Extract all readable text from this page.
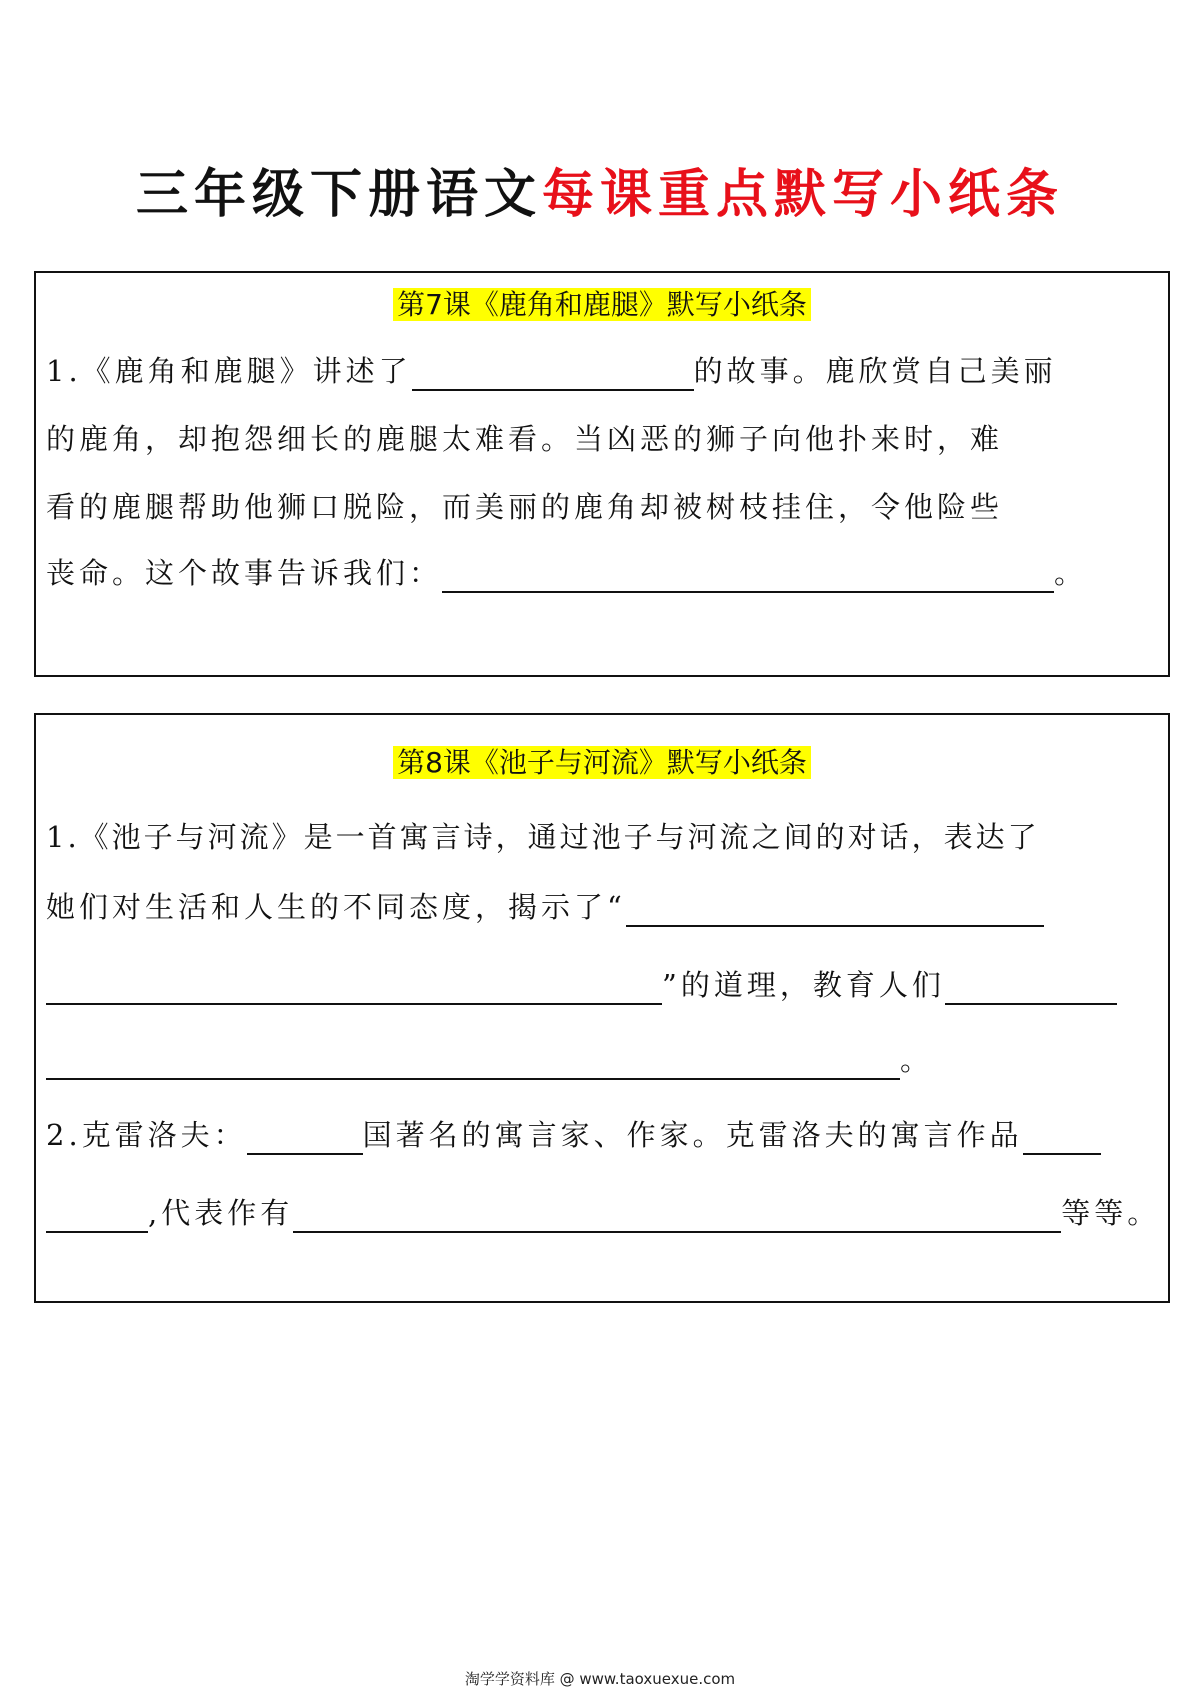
三年级下册语文每课重点默写小纸条
第7课《鹿角和鹿腿》默写小纸条
1.《鹿角和鹿腿》讲述了	的故事。鹿欣赏自己美丽
的鹿角，却抱怨细长的鹿腿太难看。当凶恶的狮子向他扑来时，难
看的鹿腿帮助他狮口脱险，而美丽的鹿角却被树枝挂住，令他险些
丧命。这个故事告诉我们：	。
第8课《池子与河流》默写小纸条
1.《池子与河流》是一首寓言诗，通过池子与河流之间的对话，表达了
她们对生活和人生的不同态度，揭示了“
”的道理，教育人们
。
2.克雷洛夫：	国著名的寓言家、作家。克雷洛夫的寓言作品
,代表作有	等等。
淘学学资料库 @ www.taoxuexue.com
